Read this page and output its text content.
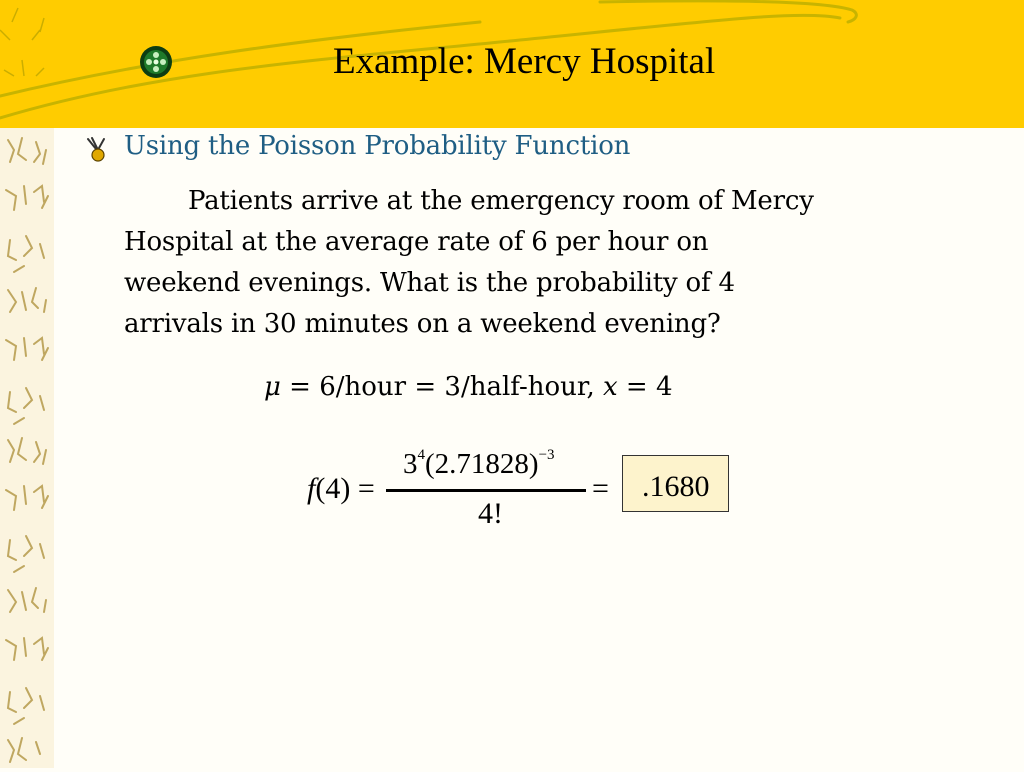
Example: Mercy Hospital
Using the Poisson Probability Function
Patients arrive at the emergency room of Mercy
Hospital at the average rate of 6 per hour on
weekend evenings. What is the probability of 4
arrivals in 30 minutes on a weekend evening?
μ = 6/hour = 3/half-hour, x = 4
f(4) =
$3^4(2.71828)^{-3}$
4!
= .1680
